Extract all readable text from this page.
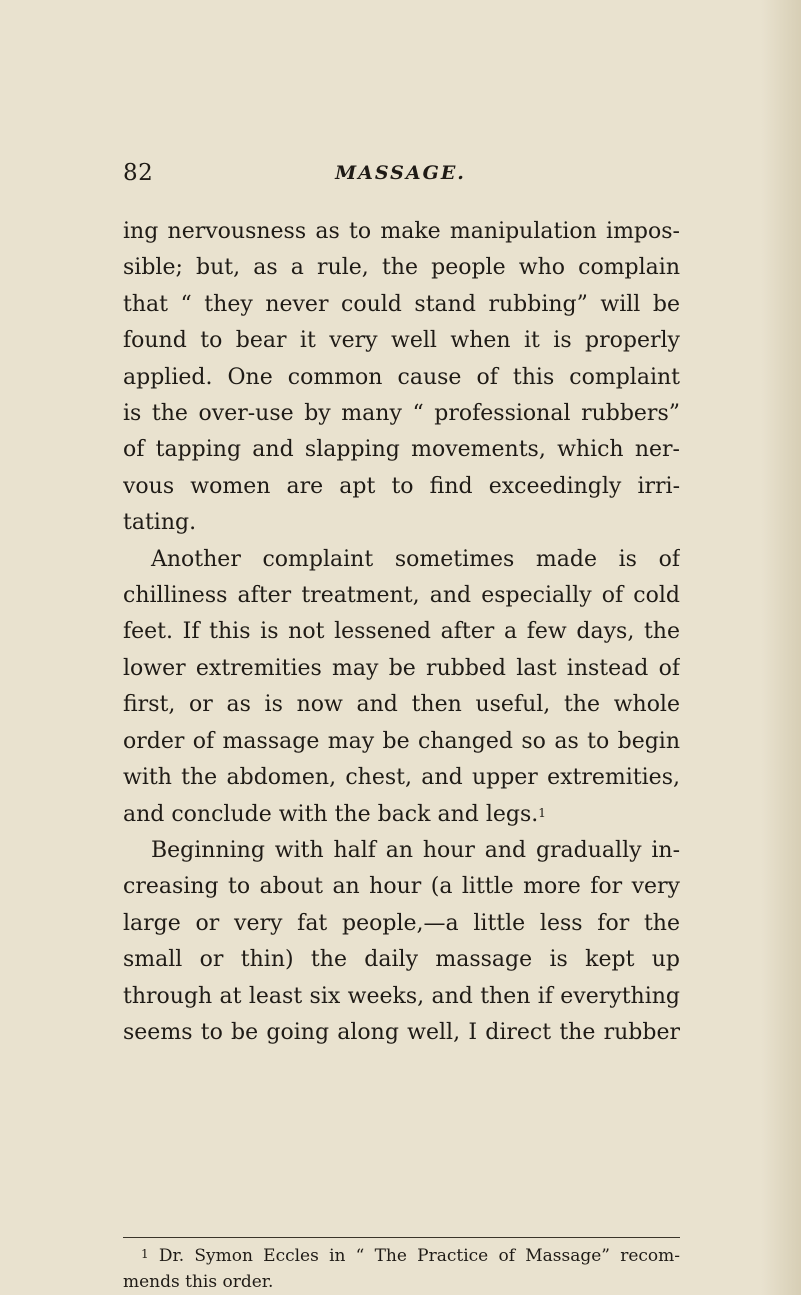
82	MASSAGE.
ing nervousness as to make manipulation impos-
sible; but, as a rule, the people who complain
that “ they never could stand rubbing” will be
found to bear it very well when it is properly
applied. One common cause of this complaint
is the over-use by many “ professional rubbers”
of tapping and slapping movements, which ner-
vous women are apt to find exceedingly irri-
tating.
Another complaint sometimes made is of
chilliness after treatment, and especially of cold
feet. If this is not lessened after a few days, the
lower extremities may be rubbed last instead of
first, or as is now and then useful, the whole
order of massage may be changed so as to begin
with the abdomen, chest, and upper extremities,
and conclude with the back and legs.$^1$
Beginning with half an hour and gradually in-
creasing to about an hour (a little more for very
large or very fat people,—a little less for the
small or thin) the daily massage is kept up
through at least six weeks, and then if everything
seems to be going along well, I direct the rubber
$^1$ Dr. Symon Eccles in “ The Practice of Massage” recom-
mends this order.
